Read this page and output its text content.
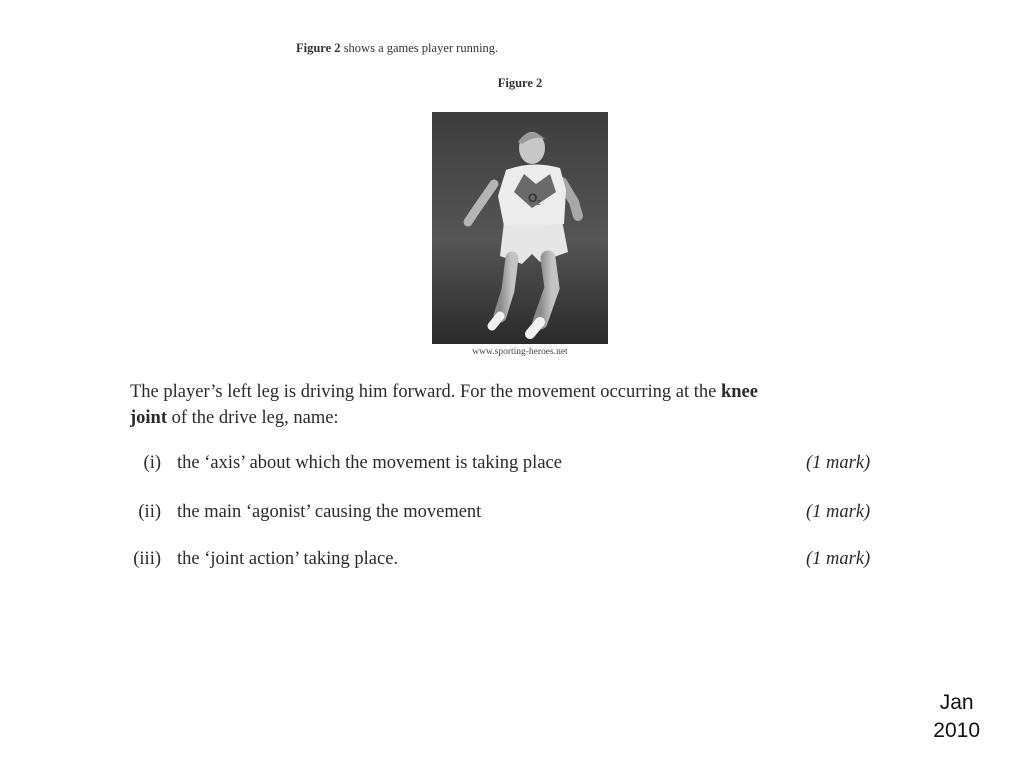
Figure 2 shows a games player running.
Figure 2
O 2
www.sporting-heroes.net
The player’s left leg is driving him forward. For the movement occurring at the knee
joint of the drive leg, name:
(i) the ‘axis’ about which the movement is taking place	(1 mark)
(ii) the main ‘agonist’ causing the movement	(1 mark)
(iii) the ‘joint action’ taking place.	(1 mark)
Jan
2010
